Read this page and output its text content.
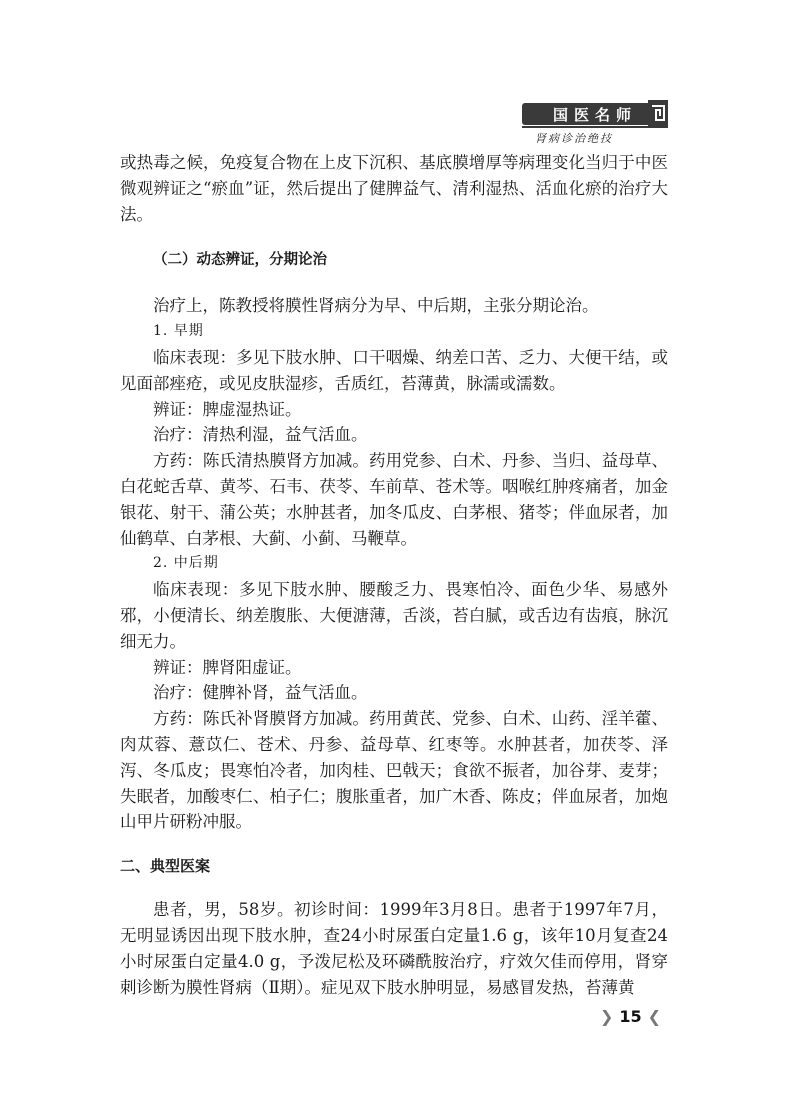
国医名师
肾病诊治绝技

或热毒之候，免疫复合物在上皮下沉积、基底膜增厚等病理变化当归于中医微观辨证之“瘀血”证，然后提出了健脾益气、清利湿热、活血化瘀的治疗大法。

（二）动态辨证，分期论治

治疗上，陈教授将膜性肾病分为早、中后期，主张分期论治。

1. 早期

临床表现：多见下肢水肿、口干咽燥、纳差口苦、乏力、大便干结，或见面部痤疮，或见皮肤湿疹，舌质红，苔薄黄，脉濡或濡数。

辨证：脾虚湿热证。

治疗：清热利湿，益气活血。

方药：陈氏清热膜肾方加减。药用党参、白术、丹参、当归、益母草、白花蛇舌草、黄芩、石韦、茯苓、车前草、苍术等。咽喉红肿疼痛者，加金银花、射干、蒲公英；水肿甚者，加冬瓜皮、白茅根、猪苓；伴血尿者，加仙鹤草、白茅根、大蓟、小蓟、马鞭草。

2. 中后期

临床表现：多见下肢水肿、腰酸乏力、畏寒怕冷、面色少华、易感外邪，小便清长、纳差腹胀、大便溏薄，舌淡，苔白腻，或舌边有齿痕，脉沉细无力。

辨证：脾肾阳虚证。

治疗：健脾补肾，益气活血。

方药：陈氏补肾膜肾方加减。药用黄芪、党参、白术、山药、淫羊藿、肉苁蓉、薏苡仁、苍术、丹参、益母草、红枣等。水肿甚者，加茯苓、泽泻、冬瓜皮；畏寒怕冷者，加肉桂、巴戟天；食欲不振者，加谷芽、麦芽；失眠者，加酸枣仁、柏子仁；腹胀重者，加广木香、陈皮；伴血尿者，加炮山甲片研粉冲服。

二、典型医案

患者，男，58岁。初诊时间：1999年3月8日。患者于1997年7月，无明显诱因出现下肢水肿，查24小时尿蛋白定量1.6 g，该年10月复查24小时尿蛋白定量4.0 g，予泼尼松及环磷酰胺治疗，疗效欠佳而停用，肾穿刺诊断为膜性肾病（Ⅱ期）。症见双下肢水肿明显，易感冒发热，苔薄黄

❯ 15 ❮
